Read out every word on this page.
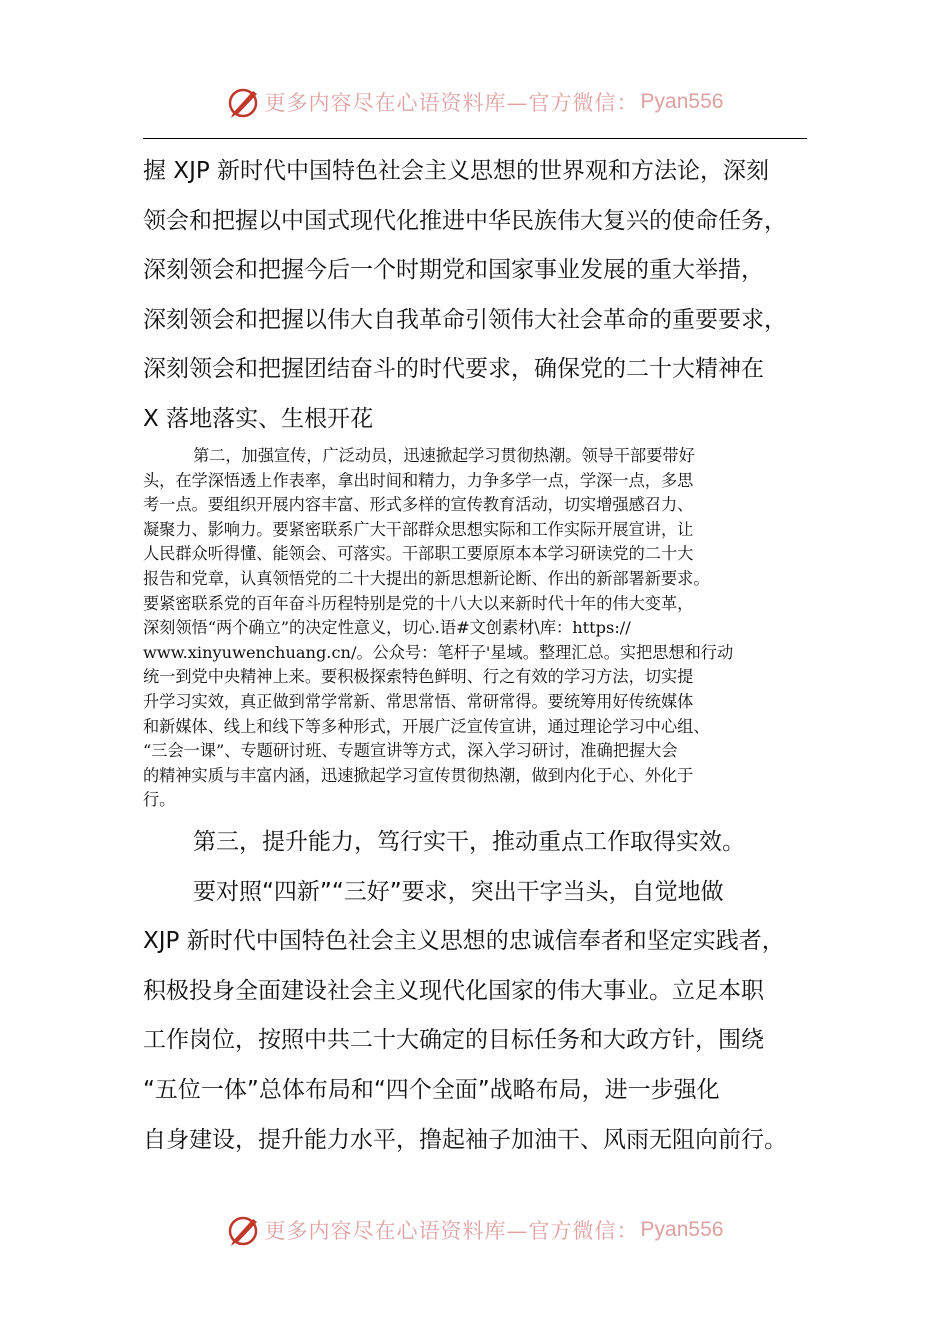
更多内容尽在心语资料库—官方微信： Pyan556
握 XJP 新时代中国特色社会主义思想的世界观和方法论，深刻
领会和把握以中国式现代化推进中华民族伟大复兴的使命任务，
深刻领会和把握今后一个时期党和国家事业发展的重大举措，
深刻领会和把握以伟大自我革命引领伟大社会革命的重要要求，
深刻领会和把握团结奋斗的时代要求，确保党的二十大精神在
X 落地落实、生根开花
第二，加强宣传，广泛动员，迅速掀起学习贯彻热潮。领导干部要带好
头，在学深悟透上作表率，拿出时间和精力，力争多学一点，学深一点，多思
考一点。要组织开展内容丰富、形式多样的宣传教育活动，切实增强感召力、
凝聚力、影响力。要紧密联系广大干部群众思想实际和工作实际开展宣讲，让
人民群众听得懂、能领会、可落实。干部职工要原原本本学习研读党的二十大
报告和党章，认真领悟党的二十大提出的新思想新论断、作出的新部署新要求。
要紧密联系党的百年奋斗历程特别是党的十八大以来新时代十年的伟大变革，
深刻领悟“两个确立”的决定性意义，切心.语#文创素材\库：https://
www.xinyuwenchuang.cn/。公众号：笔杆子'星域。整理汇总。实把思想和行动
统一到党中央精神上来。要积极探索特色鲜明、行之有效的学习方法，切实提
升学习实效，真正做到常学常新、常思常悟、常研常得。要统筹用好传统媒体
和新媒体、线上和线下等多种形式，开展广泛宣传宣讲，通过理论学习中心组、
“三会一课”、专题研讨班、专题宣讲等方式，深入学习研讨，准确把握大会
的精神实质与丰富内涵，迅速掀起学习宣传贯彻热潮，做到内化于心、外化于
行。
第三，提升能力，笃行实干，推动重点工作取得实效。
要对照“四新”“三好”要求，突出干字当头，自觉地做
XJP 新时代中国特色社会主义思想的忠诚信奉者和坚定实践者，
积极投身全面建设社会主义现代化国家的伟大事业。立足本职
工作岗位，按照中共二十大确定的目标任务和大政方针，围绕
“五位一体”总体布局和“四个全面”战略布局，进一步强化
自身建设，提升能力水平，撸起袖子加油干、风雨无阻向前行。
更多内容尽在心语资料库—官方微信： Pyan556
